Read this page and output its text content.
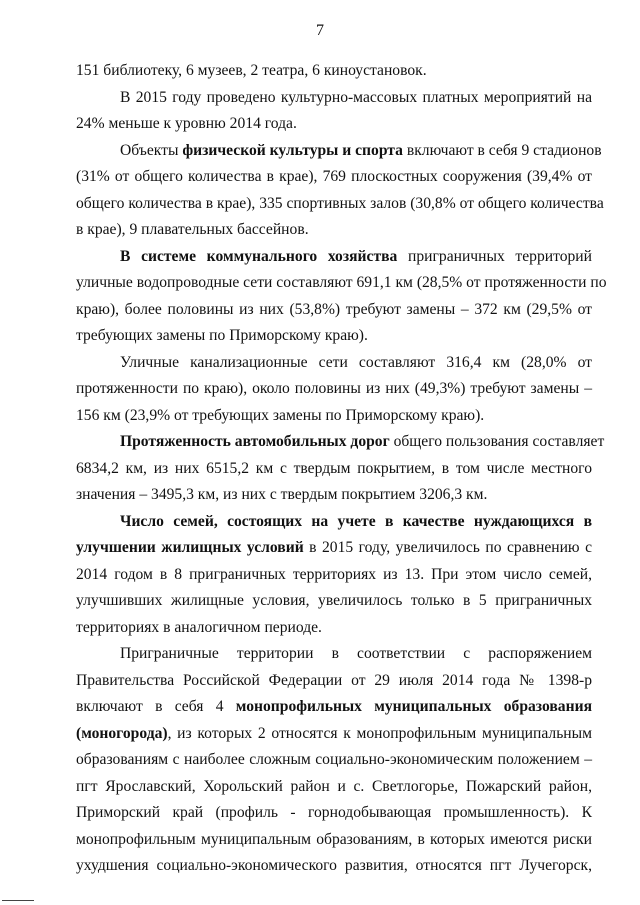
7
151 библиотеку, 6 музеев, 2 театра, 6 киноустановок.
В 2015 году проведено культурно-массовых платных мероприятий на
24% меньше к уровню 2014 года.
Объекты физической культуры и спорта включают в себя 9 стадионов
(31% от общего количества в крае), 769 плоскостных сооружения (39,4% от
общего количества в крае), 335 спортивных залов (30,8% от общего количества
в крае), 9 плавательных бассейнов.
В системе коммунального хозяйства приграничных территорий
уличные водопроводные сети составляют 691,1 км (28,5% от протяженности по
краю), более половины из них (53,8%) требуют замены – 372 км (29,5% от
требующих замены по Приморскому краю).
Уличные канализационные сети составляют 316,4 км (28,0% от
протяженности по краю), около половины из них (49,3%) требуют замены –
156 км (23,9% от требующих замены по Приморскому краю).
Протяженность автомобильных дорог общего пользования составляет
6834,2 км, из них 6515,2 км с твердым покрытием, в том числе местного
значения – 3495,3 км, из них с твердым покрытием 3206,3 км.
Число семей, состоящих на учете в качестве нуждающихся в
улучшении жилищных условий в 2015 году, увеличилось по сравнению с
2014 годом в 8 приграничных территориях из 13. При этом число семей,
улучшивших жилищные условия, увеличилось только в 5 приграничных
территориях в аналогичном периоде.
Приграничные территории в соответствии с распоряжением
Правительства Российской Федерации от 29 июля 2014 года № 1398-р
включают в себя 4 монопрофильных муниципальных образования
(моногорода), из которых 2 относятся к монопрофильным муниципальным
образованиям с наиболее сложным социально-экономическим положением –
пгт Ярославский, Хорольский район и с. Светлогорье, Пожарский район,
Приморский край (профиль - горнодобывающая промышленность). К
монопрофильным муниципальным образованиям, в которых имеются риски
ухудшения социально-экономического развития, относятся пгт Лучегорск,
